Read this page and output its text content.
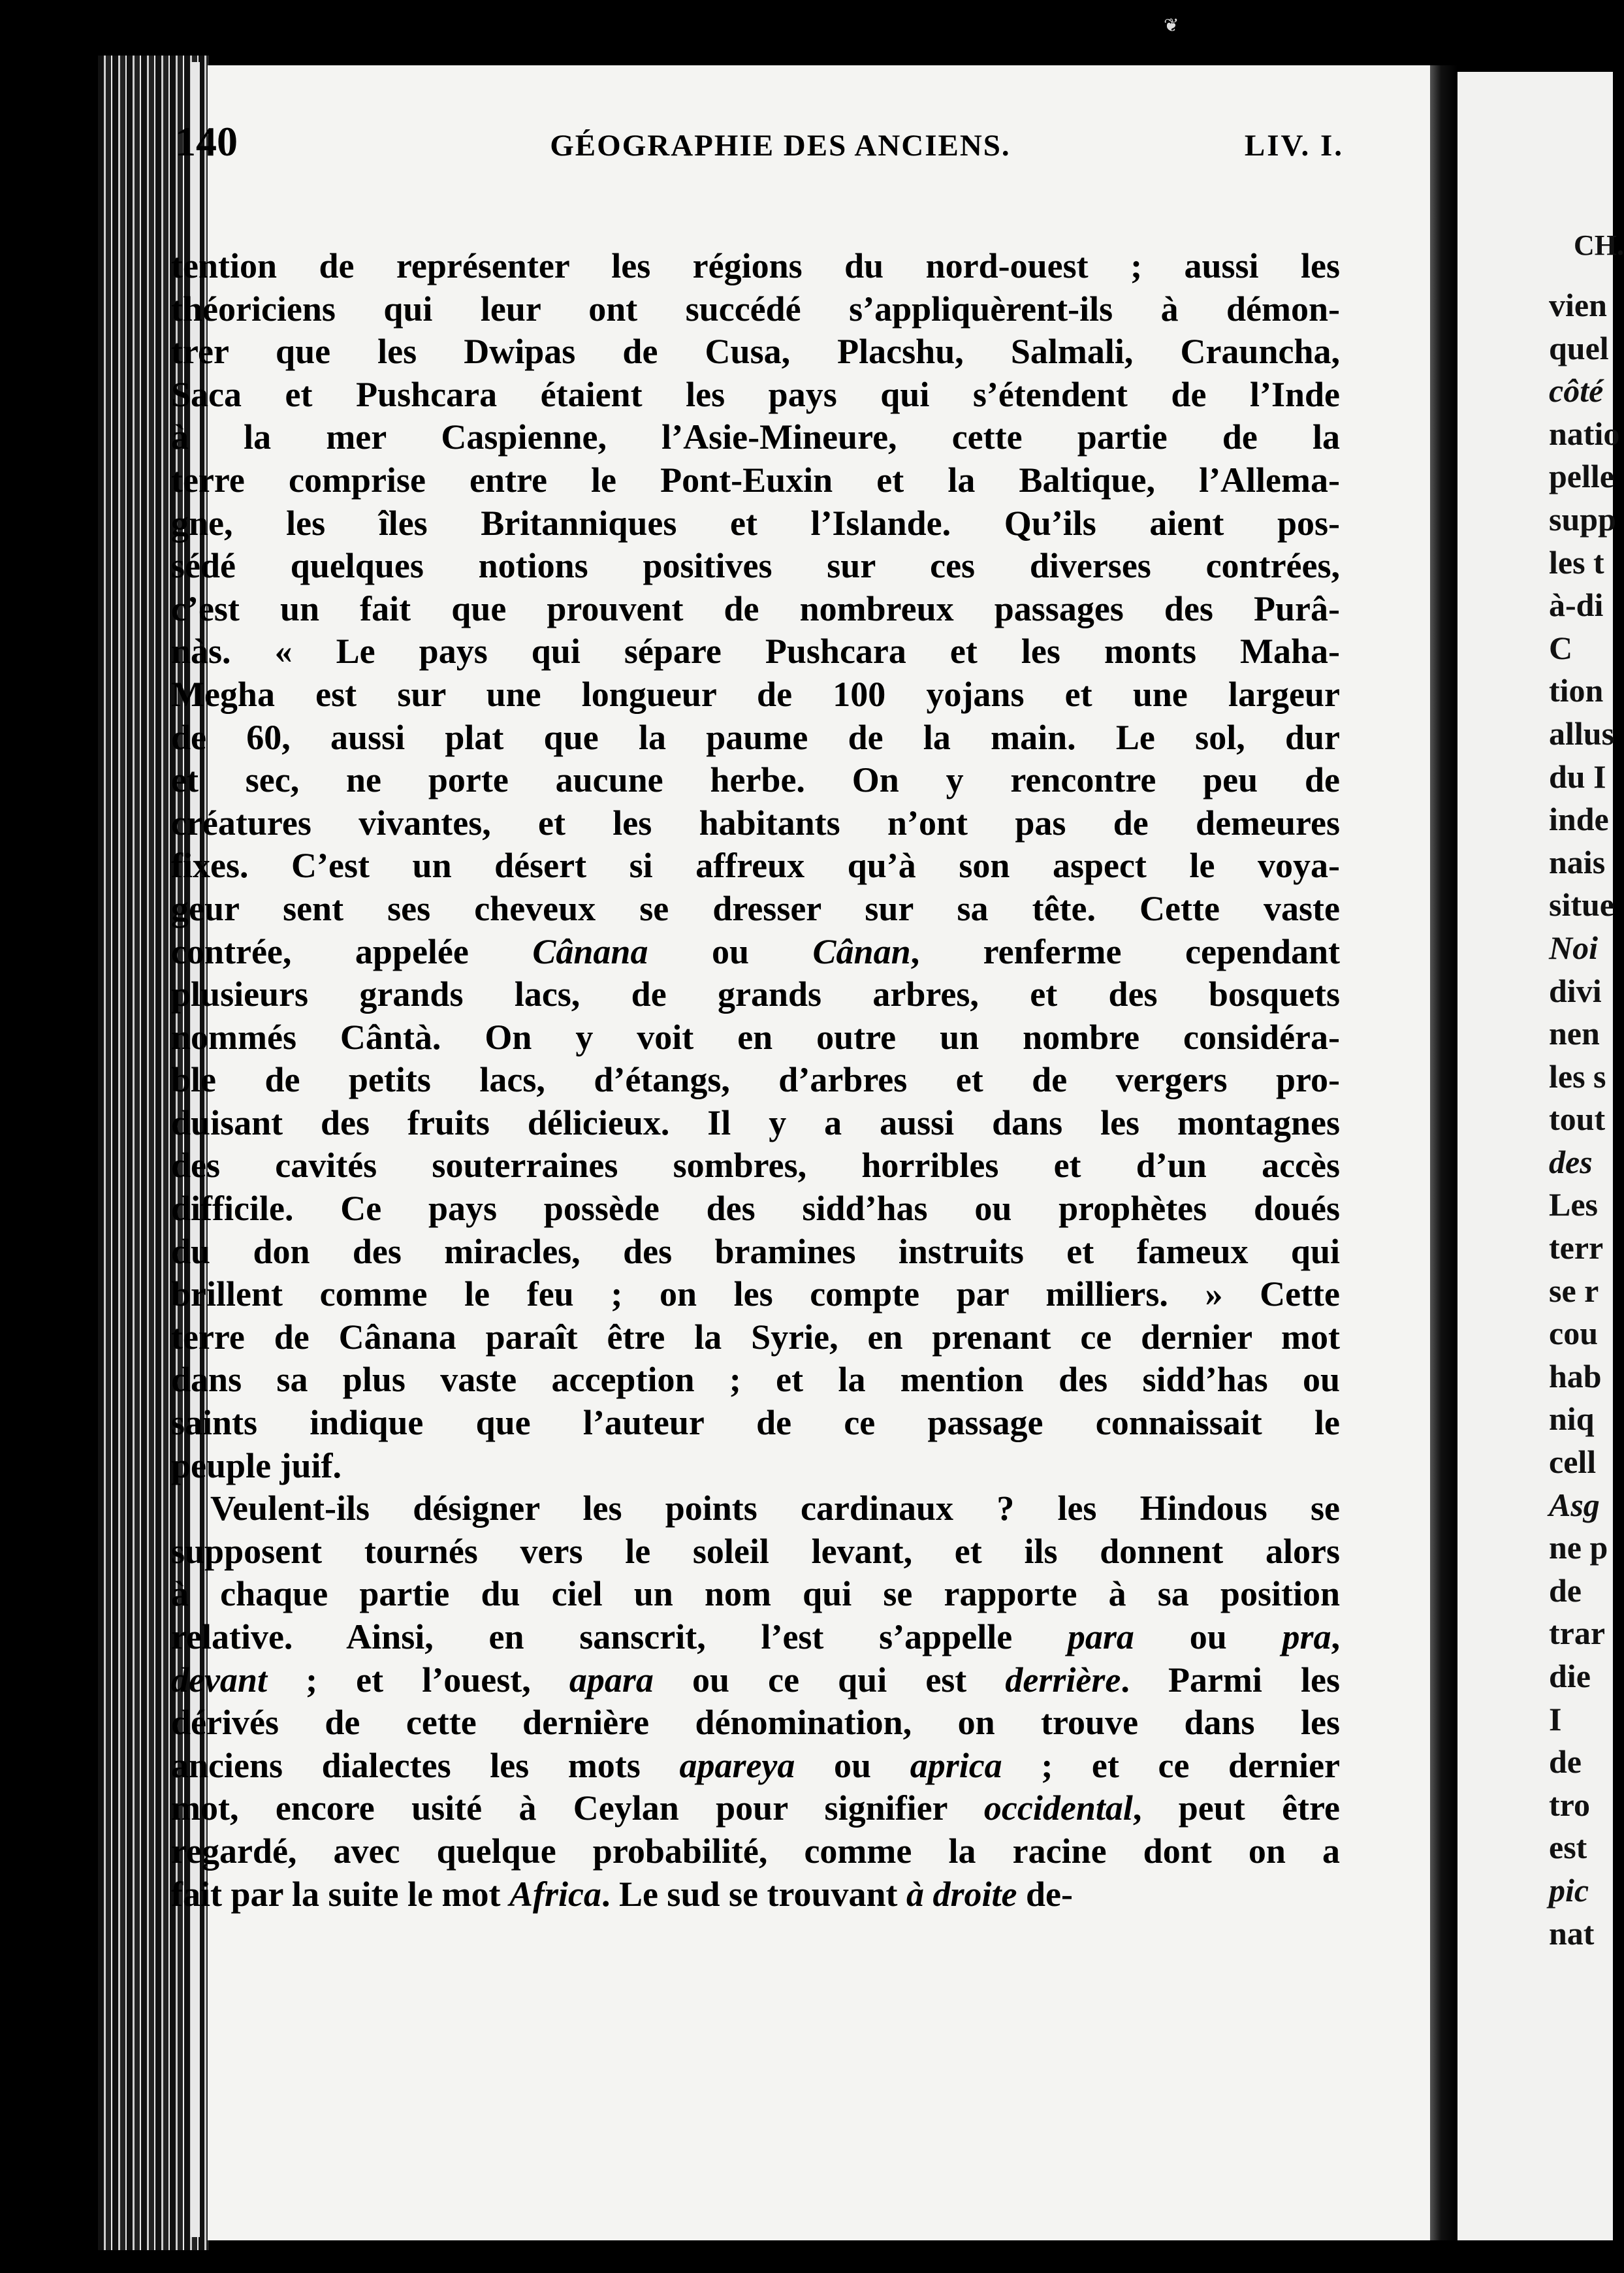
CH.
vien
quel
côté
natio
pelle
supp
les t
à-di
C
tion
allus
du I
inde
nais
situe
Noi
divi
nen
les s
tout
des
Les
terr
se r
cou
hab
niq
cell
Asg
ne p
de
trar
die
I
de
tro
est
pic
nat
❦
140	GÉOGRAPHIE DES ANCIENS.	LIV. I.
tention de représenter les régions du nord-ouest ; aussi les
théoriciens qui leur ont succédé s’appliquèrent-ils à démon-
trer que les Dwipas de Cusa, Placshu, Salmali, Crauncha,
Saca et Pushcara étaient les pays qui s’étendent de l’Inde
à la mer Caspienne, l’Asie-Mineure, cette partie de la
terre comprise entre le Pont-Euxin et la Baltique, l’Allema-
gne, les îles Britanniques et l’Islande. Qu’ils aient pos-
sédé quelques notions positives sur ces diverses contrées,
c’est un fait que prouvent de nombreux passages des Purâ-
nàs. « Le pays qui sépare Pushcara et les monts Maha-
Megha est sur une longueur de 100 yojans et une largeur
de 60, aussi plat que la paume de la main. Le sol, dur
et sec, ne porte aucune herbe. On y rencontre peu de
créatures vivantes, et les habitants n’ont pas de demeures
fixes. C’est un désert si affreux qu’à son aspect le voya-
geur sent ses cheveux se dresser sur sa tête. Cette vaste
contrée, appelée Cânana ou Cânan, renferme cependant
plusieurs grands lacs, de grands arbres, et des bosquets
nommés Cântà. On y voit en outre un nombre considéra-
ble de petits lacs, d’étangs, d’arbres et de vergers pro-
duisant des fruits délicieux. Il y a aussi dans les montagnes
des cavités souterraines sombres, horribles et d’un accès
difficile. Ce pays possède des sidd’has ou prophètes doués
du don des miracles, des bramines instruits et fameux qui
brillent comme le feu ; on les compte par milliers. » Cette
terre de Cânana paraît être la Syrie, en prenant ce dernier mot
dans sa plus vaste acception ; et la mention des sidd’has ou
saints indique que l’auteur de ce passage connaissait le
peuple juif.
Veulent-ils désigner les points cardinaux ? les Hindous se
supposent tournés vers le soleil levant, et ils donnent alors
à chaque partie du ciel un nom qui se rapporte à sa position
relative. Ainsi, en sanscrit, l’est s’appelle para ou pra,
devant ; et l’ouest, apara ou ce qui est derrière. Parmi les
dérivés de cette dernière dénomination, on trouve dans les
anciens dialectes les mots apareya ou aprica ; et ce dernier
mot, encore usité à Ceylan pour signifier occidental, peut être
regardé, avec quelque probabilité, comme la racine dont on a
fait par la suite le mot Africa. Le sud se trouvant à droite de-
